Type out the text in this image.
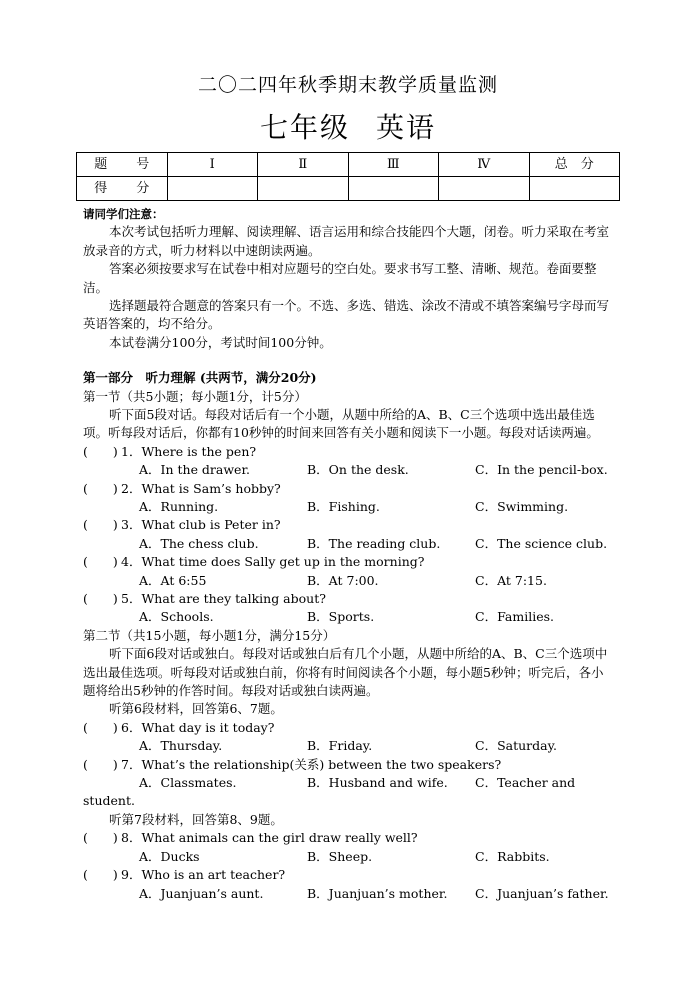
二〇二四年秋季期末教学质量监测
七年级 英语
题　号	Ⅰ	Ⅱ	Ⅲ	Ⅳ	总　分
得　分					

请同学们注意：

本次考试包括听力理解、阅读理解、语言运用和综合技能四个大题，闭卷。听力采取在考室放录音的方式，听力材料以中速朗读两遍。

答案必须按要求写在试卷中相对应题号的空白处。要求书写工整、清晰、规范。卷面要整洁。

选择题最符合题意的答案只有一个。不选、多选、错选、涂改不清或不填答案编号字母而写英语答案的，均不给分。

本试卷满分100分，考试时间100分钟。

第一部分　听力理解 (共两节，满分20分)

第一节（共5小题；每小题1分，计5分）

听下面5段对话。每段对话后有一个小题，从题中所给的A、B、C三个选项中选出最佳选项。听每段对话后，你都有10秒钟的时间来回答有关小题和阅读下一小题。每段对话读两遍。

(　　) 1．Where is the pen?
A．In the drawer.	B．On the desk.	C．In the pencil-box.
(　　) 2．What is Sam’s hobby?
A．Running.	B．Fishing.	C．Swimming.
(　　) 3．What club is Peter in?
A．The chess club.	B．The reading club.	C．The science club.
(　　) 4．What time does Sally get up in the morning?
A．At 6:55	B．At 7:00.	C．At 7:15.
(　　) 5．What are they talking about?
A．Schools.	B．Sports.	C．Families.

第二节（共15小题，每小题1分，满分15分）

听下面6段对话或独白。每段对话或独白后有几个小题，从题中所给的A、B、C三个选项中选出最佳选项。听每段对话或独白前，你将有时间阅读各个小题，每小题5秒钟；听完后，各小题将给出5秒钟的作答时间。每段对话或独白读两遍。

听第6段材料，回答第6、7题。

(　　) 6．What day is it today?
A．Thursday.	B．Friday.	C．Saturday.
(　　) 7．What’s the relationship(关系) between the two speakers?
A．Classmates.	B．Husband and wife. C．Teacher and

student.

听第7段材料，回答第8、9题。

(　　) 8．What animals can the girl draw really well?
A．Ducks	B．Sheep.	C．Rabbits.
(　　) 9．Who is an art teacher?
A．Juanjuan’s aunt.	B．Juanjuan’s mother. C．Juanjuan’s father.
